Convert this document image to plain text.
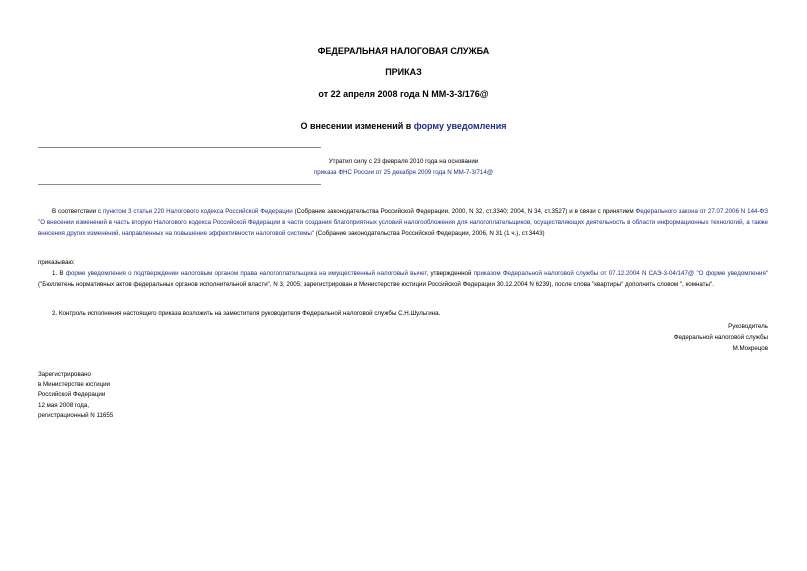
ФЕДЕРАЛЬНАЯ НАЛОГОВАЯ СЛУЖБА
ПРИКАЗ
от 22 апреля 2008 года N ММ-3-3/176@
О внесении изменений в форму уведомления
Утратил силу с 23 февраля 2010 года на основании
приказа ФНС России от 25 декабря 2009 года N ММ-7-3/714@
В соответствии с пунктом 3 статьи 220 Налогового кодекса Российской Федерации (Собрание законодательства Российской Федерации, 2000, N 32, ст.3340; 2004, N 34, ст.3527) и в связи с принятием Федерального закона от 27.07.2006 N 144-ФЗ "О внесении изменений в часть вторую Налогового кодекса Российской Федерации в части создания благоприятных условий налогообложения для налогоплательщиков, осуществляющих деятельность в области информационных технологий, а также внесения других изменений, направленных на повышение эффективности налоговой системы" (Собрание законодательства Российской Федерации, 2006, N 31 (1 ч.), ст.3443)
приказываю:
1. В форме уведомления о подтверждении налоговым органом права налогоплательщика на имущественный налоговый вычет, утвержденной приказом Федеральной налоговой службы от 07.12.2004 N САЭ-3-04/147@ "О форме уведомления" ("Бюллетень нормативных актов федеральных органов исполнительной власти", N 3, 2005; зарегистрирован в Министерстве юстиции Российской Федерации 30.12.2004 N 6239), после слова "квартиры" дополнить словом ", комнаты".
2. Контроль исполнения настоящего приказа возложить на заместителя руководителя Федеральной налоговой службы С.Н.Шульгина.
Руководитель
Федеральной налоговой службы
М.Мокрецов
Зарегистрировано
в Министерстве юстиции
Российской Федерации
12 мая 2008 года,
регистрационный N 11655
